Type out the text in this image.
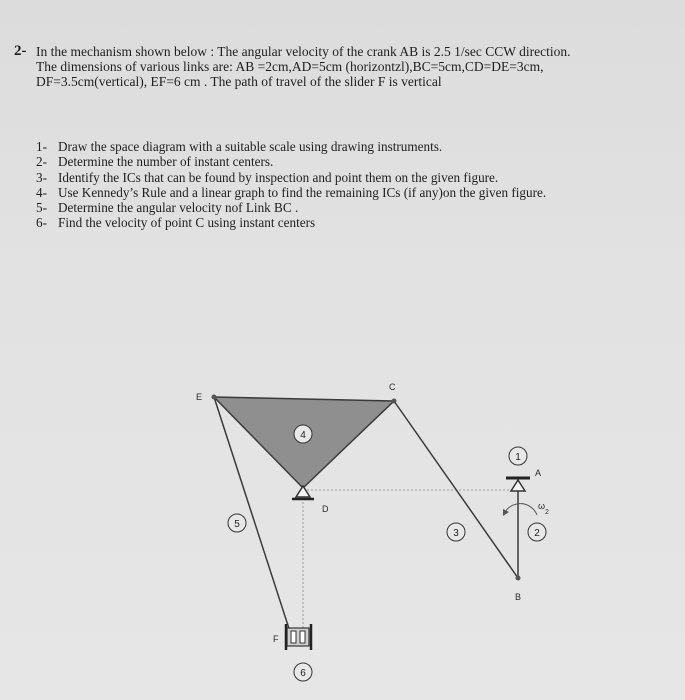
2- In the mechanism shown below : The angular velocity of the crank AB is 2.5 1/sec CCW direction.
The dimensions of various links are: AB =2cm,AD=5cm (horizontzl),BC=5cm,CD=DE=3cm,
DF=3.5cm(vertical), EF=6 cm . The path of travel of the slider F is vertical
1- Draw the space diagram with a suitable scale using drawing instruments.
2- Determine the number of instant centers.
3- Identify the ICs that can be found by inspection and point them on the given figure.
4- Use Kennedy’s Rule and a linear graph to find the remaining ICs (if any)on the given figure.
5- Determine the angular velocity nof Link BC .
6- Find the velocity of point C using instant centers
E
C
D
A
B
F
$\omega_2$
4
1
5
3	2
6
